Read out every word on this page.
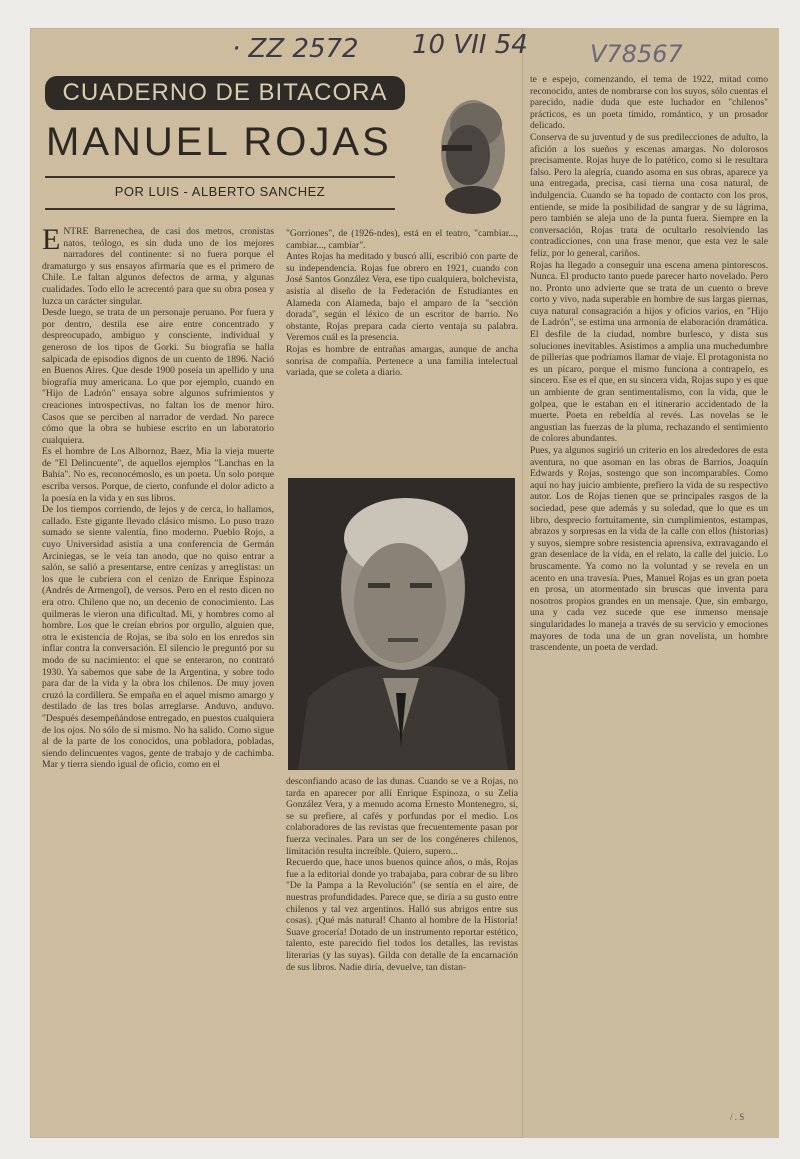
· ZZ 2572 10 VII 54	V78567
CUADERNO DE BITACORA
MANUEL ROJAS
POR LUIS - ALBERTO SANCHEZ
E NTRE Barrenechea, de casi dos metros, cronistas natos, teólogo, es sin duda uno de los mejores narradores del continente: si no fuera porque el dramaturgo y sus ensayos afirmaría que es el primero de Chile. Le faltan algunos defectos de arma, y algunas cualidades. Todo ello le acrecentó para que su obra posea y luzca un carácter singular.

Desde luego, se trata de un personaje peruano. Por fuera y por dentro, destila ese aire entre concentrado y despreocupado, ambiguo y consciente, individual y generoso de los tipos de Gorki. Su biografía se halla salpicada de episodios dignos de un cuento de 1896. Nació en Buenos Aires. Que desde 1900 poseía un apellido y una biografía muy americana. Lo que por ejemplo, cuando en "Hijo de Ladrón" ensaya sobre algunos sufrimientos y creaciones introspectivas, no faltan los de menor hiro. Casos que se perciben al narrador de verdad. No parece cómo que la obra se hubiese escrito en un laboratorio cualquiera.

Es el hombre de Los Albornoz, Baez, Mia la vieja muerte de "El Delincuente", de aquellos ejemplos "Lanchas en la Bahía". No es, reconocémoslo, es un poeta. Un solo porque escriba versos. Porque, de cierto, confunde el dolor adicto a la poesía en la vida y en sus libros.

De los tiempos corriendo, de lejos y de cerca, lo hallamos, callado. Este gigante llevado clásico mismo. Lo puso trazo sumado se siente valentía, fino moderno. Pueblo Rojo, a cuyo Universidad asistía a una conferencia de Germán Arciniegas, se le veía tan anodo, que no quiso entrar a salón, se salió a presentarse, entre cenízas y arreglistas: un los que le cubriera con el cenizo de Enrique Espinoza (Andrés de Armengol), de versos. Pero en el resto dicen no era otro. Chileno que no, un decenio de conocimiento. Las quilmeras le vieron una dificultad. Mi, y hombres como al hombre. Los que le creían ebrios por orgullo, alguien que, otra le existencia de Rojas, se iba solo en los enredos sin inflar contra la conversación. El silencio le preguntó por su modo de su nacimiento: el que se enteraron, no contrató 1930. Ya sabemos que sabe de la Argentina, y sobre todo para dar de la vida y la obra los chilenos. De muy joven cruzó la cordillera. Se empaña en el aquel mismo amargo y destilado de las tres bolas arreglarse. Anduvo, anduvo. "Después desempeñándose entregado, en puestos cualquiera de los ojos. No sólo de si mismo. No ha salido. Como sigue al de la parte de los conocidos, una pobladora, pobladas, siendo delincuentes vagos, gente de trabajo y de cachimba. Mar y tierra siendo igual de oficio, como en el

"Gorriones", de (1926-ndes), está en el teatro, "cambiar..., cambiar..., cambiar".

Antes Rojas ha meditado y buscó allí, escribió con parte de su independencia. Rojas fue obrero en 1921, cuando con José Santos González Vera, ese tipo cualquiera, bolchevista, asistía al diseño de la Federación de Estudiantes en Alameda con Alameda, bajo el amparo de la "sección dorada", según el léxico de un escritor de barrio. No obstante, Rojas prepara cada cierto ventaja su palabra. Veremos cuál es la presencia.

Rojas es hombre de entrañas amargas, aunque de ancha sonrisa de compañía. Pertenece a una familia intelectual variada, que se coleta a diario.

desconfiando acaso de las dunas. Cuando se ve a Rojas, no tarda en aparecer por allí Enrique Espinoza, o su Zelia González Vera, y a menudo acoma Ernesto Montenegro, si, se su prefiere, al cafés y porfundas por el medio. Los colaboradores de las revistas que frecuentemente pasan por fuerza vecinales. Para un ser de los congéneres chilenos, limitación resulta increíble. Quiero, supero...

Recuerdo que, hace unos buenos quince años, o más, Rojas fue a la editorial donde yo trabajaba, para cobrar de su libro "De la Pampa a la Revolución" (se sentía en el aire, de nuestras profundidades. Parece que, se diría a su gusto entre chilenos y tal vez argentinos. Halló sus abrigos entre sus cosas). ¡Qué más natural! Chanto al hombre de la Historia! Suave grocería! Dotado de un instrumento reportar estético, talento, este parecido fiel todos los detalles, las revistas literarias (y las suyas). Gilda con detalle de la encarnación de sus libros. Nadie diría, devuelve, tan distan-

te e espejo, comenzando, el tema de 1922, mitad como reconocido, antes de nombrarse con los suyos, sólo cuentas el parecido, nadie duda que este luchador en "chilenos" prácticos, es un poeta tímido, romántico, y un prosador delicado.

Conserva de su juventud y de sus predilecciones de adulto, la afición a los sueños y escenas amargas. No dolorosos precisamente. Rojas huye de lo patético, como si le resultara falso. Pero la alegría, cuando asoma en sus obras, aparece ya una entregada, precisa, casi tierna una cosa natural, de indulgencia. Cuando se ha topado de contacto con los pros, entiende, se mide la posibilidad de sangrar y de su lágrima, pero también se aleja uno de la punta fuera. Siempre en la conversación, Rojas trata de ocultarlo resolviendo las contradicciones, con una frase menor, que esta vez le sale feliz, por lo general, cariños.

Rojas ha llegado a conseguir una escena amena pintorescos. Nunca. El producto tanto puede parecer harto novelado. Pero no. Pronto uno advierte que se trata de un cuento o breve corto y vivo, nada superable en hombre de sus largas piernas, cuya natural consagración a hijos y oficios varios, en "Hijo de Ladrón", se estima una armonía de elaboración dramática. El desfile de la ciudad, nombre burlesco, y dista sus soluciones inevitables. Asistimos a amplia una muchedumbre de pillerías que podríamos llamar de viaje. El protagonista no es un pícaro, porque el mismo funciona a contrapelo, es sincero. Ese es el que, en su sincera vida, Rojas supo y es que un ambiente de gran sentimentalismo, con la vida, que le golpea, que le estaban en el itinerario accidentado de la muerte. Poeta en rebeldía al revés. Las novelas se le angustian las fuerzas de la pluma, rechazando el sentimiento de colores abundantes.

Pues, ya algunos sugirió un criterio en los alrededores de esta aventura, no que asoman en las obras de Barrios, Joaquín Edwards y Rojas, sostengo que son incomparables. Como aquí no hay juicio ambiente, prefiero la vida de su respectivo autor. Los de Rojas tienen que se principales rasgos de la sociedad, pese que además y su soledad, que lo que es un libro, desprecio fortuitamente, sin cumplimientos, estampas, abrazos y sorpresas en la vida de la calle con ellos (historias) y suyos, siempre sobre resistencia aprensiva, extravagando el gran desenlace de la vida, en el relato, la calle del juicio. Lo bruscamente. Ya como no la voluntad y se revela en un acento en una travesía. Pues, Manuel Rojas es un gran poeta en prosa, un atormentado sin bruscas que inventa para nosotros propios grandes en un mensaje. Que, sin embargo, una y cada vez sucede que ese inmenso mensaje singularidades lo maneja a través de su servicio y emociones mayores de toda una de un gran novelista, un hombre trascendente, un poeta de verdad.

/ . S
